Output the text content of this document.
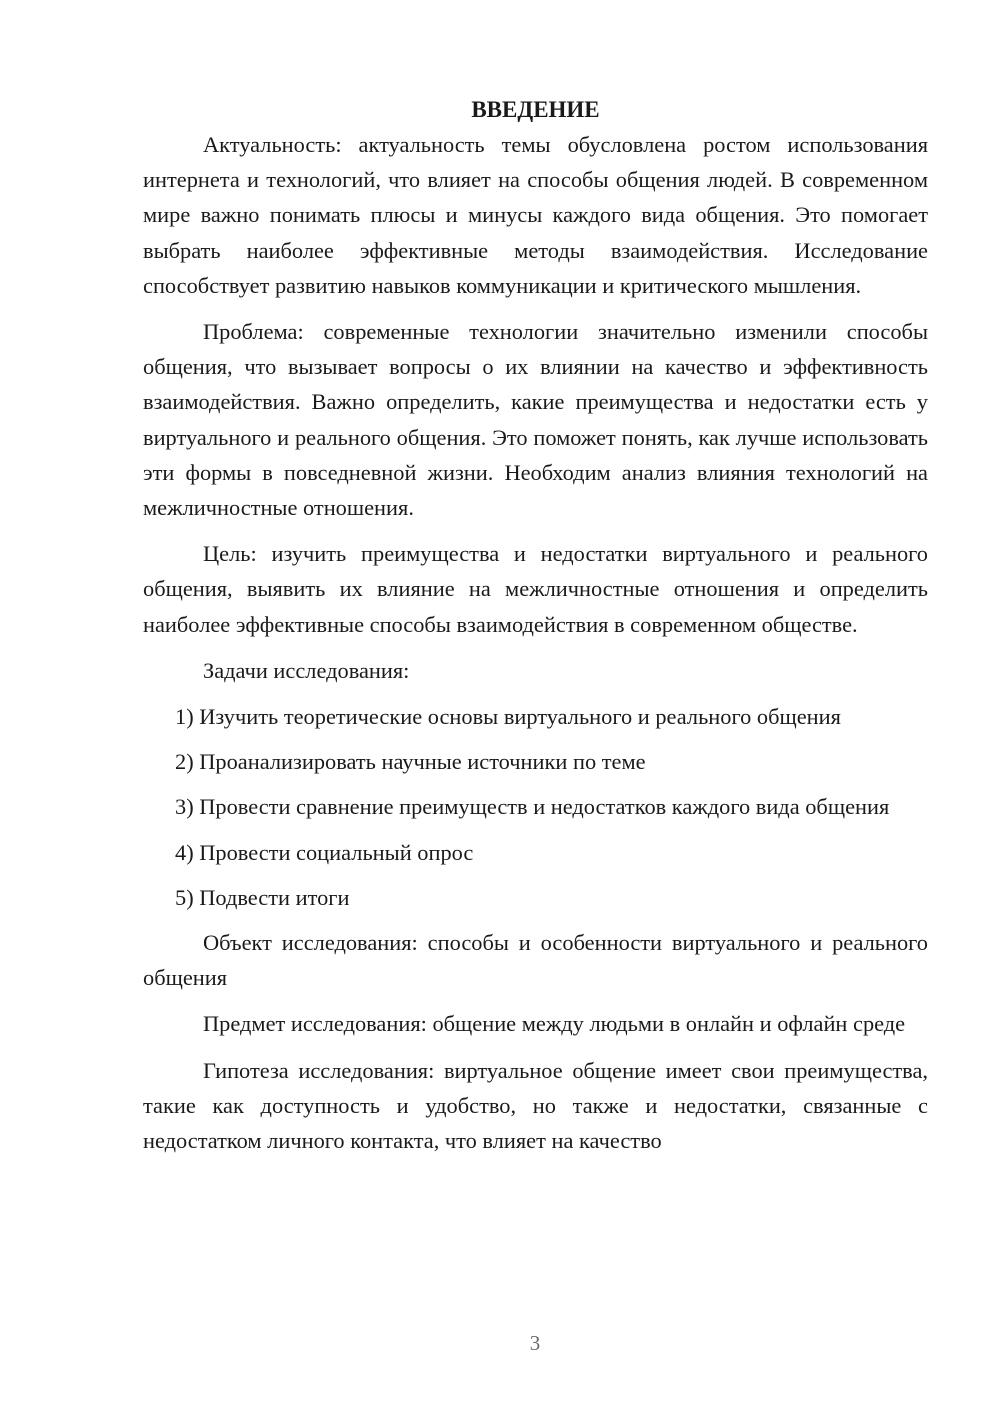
ВВЕДЕНИЕ

Актуальность: актуальность темы обусловлена ростом использования интернета и технологий, что влияет на способы общения людей. В современном мире важно понимать плюсы и минусы каждого вида общения. Это помогает выбрать наиболее эффективные методы взаимодействия. Исследование способствует развитию навыков коммуникации и критического мышления.

Проблема: современные технологии значительно изменили способы общения, что вызывает вопросы о их влиянии на качество и эффективность взаимодействия. Важно определить, какие преимущества и недостатки есть у виртуального и реального общения. Это поможет понять, как лучше использовать эти формы в повседневной жизни. Необходим анализ влияния технологий на межличностные отношения.

Цель: изучить преимущества и недостатки виртуального и реального общения, выявить их влияние на межличностные отношения и определить наиболее эффективные способы взаимодействия в современном обществе.

Задачи исследования:

1) Изучить теоретические основы виртуального и реального общения

2) Проанализировать научные источники по теме

3) Провести сравнение преимуществ и недостатков каждого вида общения

4) Провести социальный опрос

5) Подвести итоги

Объект исследования: способы и особенности виртуального и реального общения

Предмет исследования: общение между людьми в онлайн и офлайн среде

Гипотеза исследования: виртуальное общение имеет свои преимущества, такие как доступность и удобство, но также и недостатки, связанные с недостатком личного контакта, что влияет на качество

3
